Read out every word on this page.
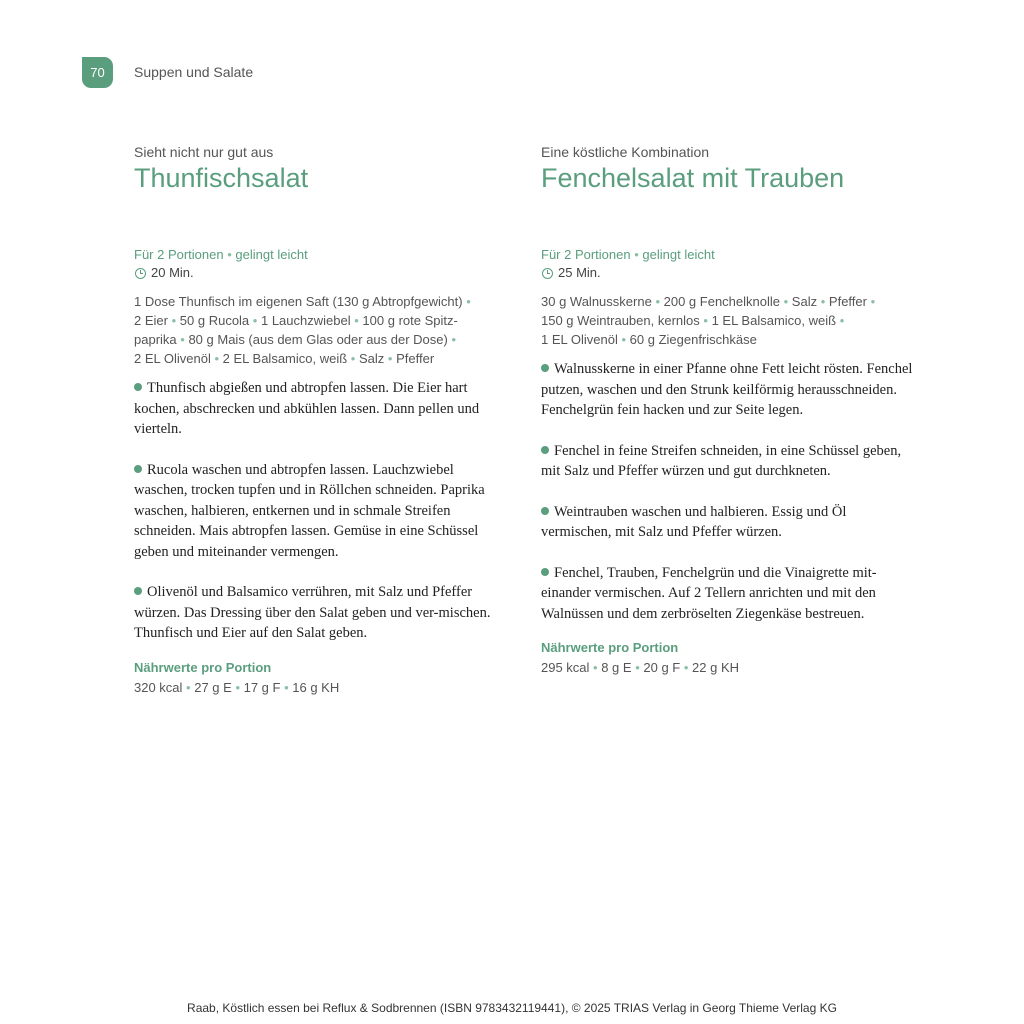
70	Suppen und Salate
Sieht nicht nur gut aus
Thunfischsalat
Für 2 Portionen • gelingt leicht
20 Min.
1 Dose Thunfisch im eigenen Saft (130 g Abtropfgewicht) •
2 Eier • 50 g Rucola • 1 Lauchzwiebel • 100 g rote Spitz-
paprika • 80 g Mais (aus dem Glas oder aus der Dose) •
2 EL Olivenöl • 2 EL Balsamico, weiß • Salz • Pfeffer
Thunfisch abgießen und abtropfen lassen. Die Eier hart kochen, abschrecken und abkühlen lassen. Dann pellen und vierteln.
Rucola waschen und abtropfen lassen. Lauchzwiebel waschen, trocken tupfen und in Röllchen schneiden. Paprika waschen, halbieren, entkernen und in schmale Streifen schneiden. Mais abtropfen lassen. Gemüse in eine Schüssel geben und miteinander vermengen.
Olivenöl und Balsamico verrühren, mit Salz und Pfeffer würzen. Das Dressing über den Salat geben und ver-mischen. Thunfisch und Eier auf den Salat geben.
Nährwerte pro Portion
320 kcal • 27 g E • 17 g F • 16 g KH
Eine köstliche Kombination
Fenchelsalat mit Trauben
Für 2 Portionen • gelingt leicht
25 Min.
30 g Walnusskerne • 200 g Fenchelknolle • Salz • Pfeffer •
150 g Weintrauben, kernlos • 1 EL Balsamico, weiß •
1 EL Olivenöl • 60 g Ziegenfrischkäse
Walnusskerne in einer Pfanne ohne Fett leicht rösten. Fenchel putzen, waschen und den Strunk keilförmig herausschneiden. Fenchelgrün fein hacken und zur Seite legen.
Fenchel in feine Streifen schneiden, in eine Schüssel geben, mit Salz und Pfeffer würzen und gut durchkneten.
Weintrauben waschen und halbieren. Essig und Öl vermischen, mit Salz und Pfeffer würzen.
Fenchel, Trauben, Fenchelgrün und die Vinaigrette mit-einander vermischen. Auf 2 Tellern anrichten und mit den Walnüssen und dem zerbröselten Ziegenkäse bestreuen.
Nährwerte pro Portion
295 kcal • 8 g E • 20 g F • 22 g KH
Raab, Köstlich essen bei Reflux & Sodbrennen (ISBN 9783432119441), © 2025 TRIAS Verlag in Georg Thieme Verlag KG
